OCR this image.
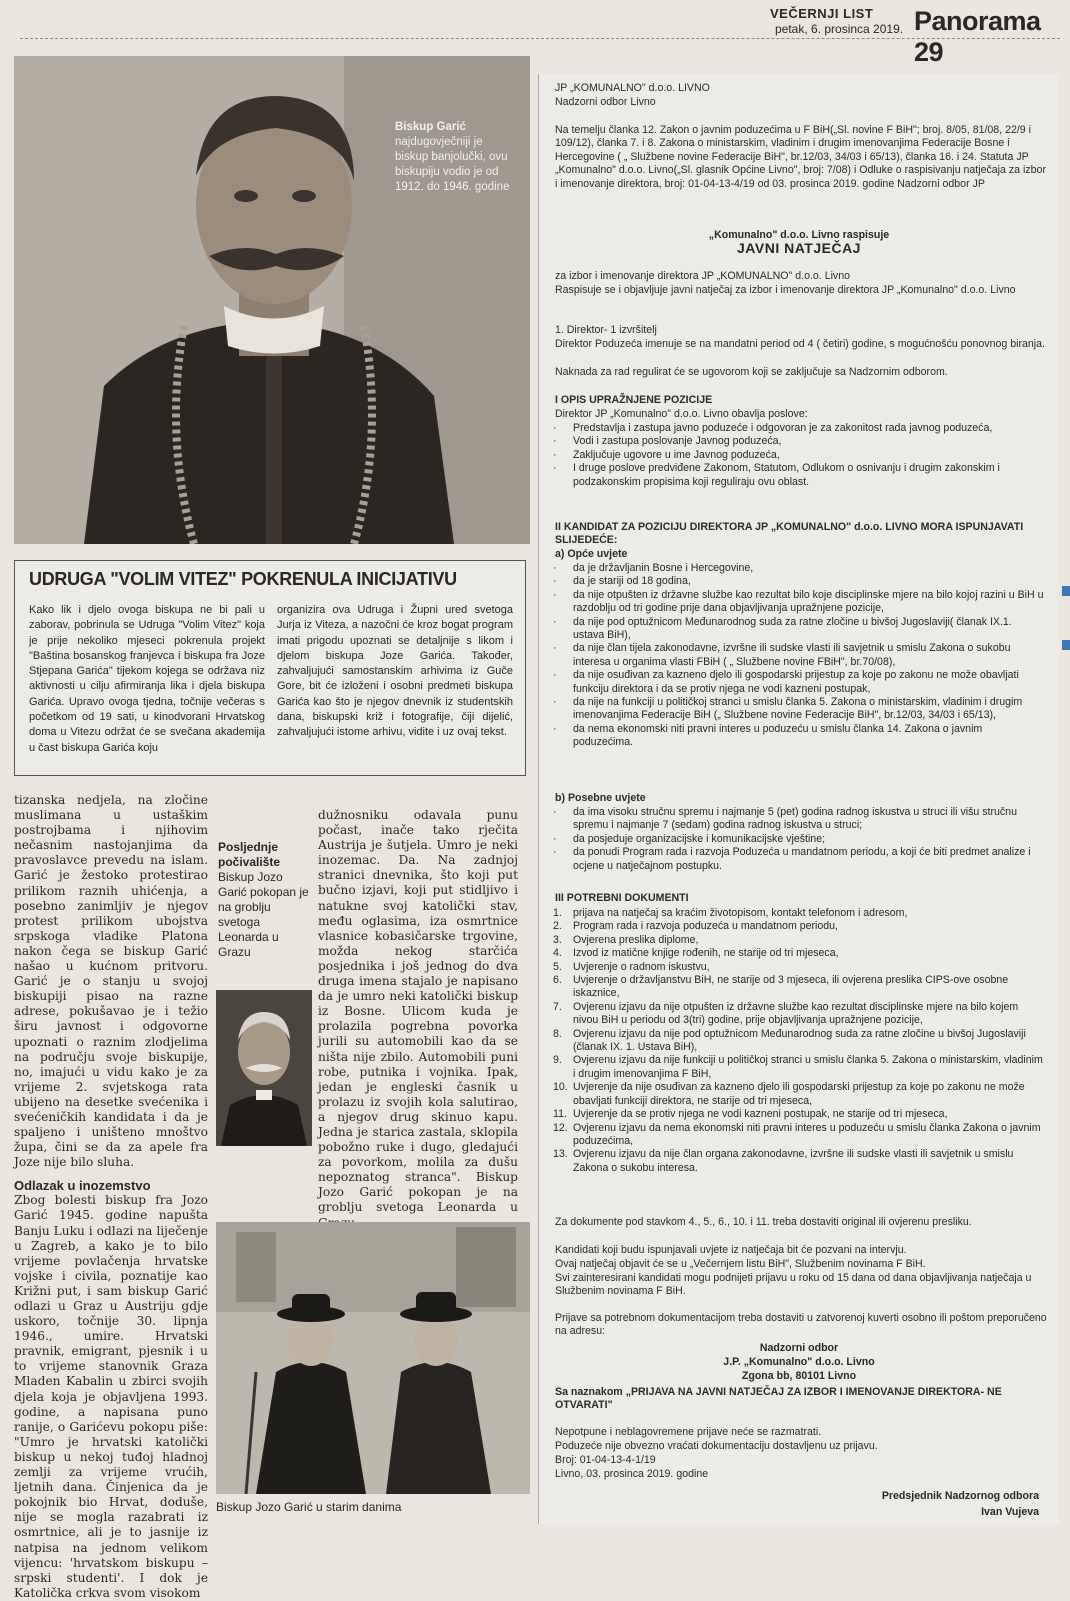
VEČERNJI LIST
petak, 6. prosinca 2019. Panorama 29
Biskup Garić
najdugovječniji je biskup banjolučki, ovu biskupiju vodio je od 1912. do 1946. godine
UDRUGA "VOLIM VITEZ" POKRENULA INICIJATIVU
Kako lik i djelo ovoga biskupa ne bi pali u zaborav, pobrinula se Udruga "Volim Vitez" koja je prije nekoliko mjeseci pokrenula projekt "Baština bosanskog franjevca i biskupa fra Joze Stjepana Garića" tijekom kojega se održava niz aktivnosti u cilju afirmiranja lika i djela biskupa Garića. Upravo ovoga tjedna, točnije večeras s početkom od 19 sati, u kinodvorani Hrvatskog doma u Vitezu održat će se svečana akademija u čast biskupa Garića koju
organizira ova Udruga i Župni ured svetoga Jurja iz Viteza, a nazočni će kroz bogat program imati prigodu upoznati se detaljnije s likom i djelom biskupa Joze Garića. Također, zahvaljujući samostanskim arhivima iz Guče Gore, bit će izloženi i osobni predmeti biskupa Garića kao što je njegov dnevnik iz studentskih dana, biskupski križ i fotografije, čiji dijelić, zahvaljujući istome arhivu, vidite i uz ovaj tekst.
tizanska nedjela, na zločine muslimana u ustaškim postrojbama i njihovim nečasnim nastojanjima da pravoslavce prevedu na islam. Garić je žestoko protestirao prilikom raznih uhićenja, a posebno zanimljiv je njegov protest prilikom ubojstva srpskoga vladike Platona nakon čega se biskup Garić našao u kućnom pritvoru. Garić je o stanju u svojoj biskupiji pisao na razne adrese, pokušavao je i težio širu javnost i odgovorne upoznati o raznim zlodjelima na području svoje biskupije, no, imajući u vidu kako je za vrijeme 2. svjetskoga rata ubijeno na desetke svećenika i svećeničkih kandidata i da je spaljeno i uništeno mnoštvo župa, čini se da za apele fra Joze nije bilo sluha.
Odlazak u inozemstvo
Zbog bolesti biskup fra Jozo Garić 1945. godine napušta Banju Luku i odlazi na liječenje u Zagreb, a kako je to bilo vrijeme povlačenja hrvatske vojske i civila, poznatije kao Križni put, i sam biskup Garić odlazi u Graz u Austriju gdje uskoro, točnije 30. lipnja 1946., umire. Hrvatski pravnik, emigrant, pjesnik i u to vrijeme stanovnik Graza Mladen Kabalin u zbirci svojih djela koja je objavljena 1993. godine, a napisana puno ranije, o Garićevu pokopu piše: "Umro je hrvatski katolički biskup u nekoj tuđoj hladnoj zemlji za vrijeme vrućih, ljetnih dana. Činjenica da je pokojnik bio Hrvat, doduše, nije se mogla razabrati iz osmrtnice, ali je to jasnije iz natpisa na jednom velikom vijencu: 'hrvatskom biskupu – srpski studenti'. I dok je Katolička crkva svom visokom
Posljednje počivalište
Biskup Jozo Garić pokopan je na groblju svetoga Leonarda u Grazu
dužnosniku odavala punu počast, inače tako rječita Austrija je šutjela. Umro je neki inozemac. Da. Na zadnjoj stranici dnevnika, što koji put bučno izjavi, koji put stidljivo i natukne svoj katolički stav, među oglasima, iza osmrtnice vlasnice kobasičarske trgovine, možda nekog starčića posjednika i još jednog do dva druga imena stajalo je napisano da je umro neki katolički biskup iz Bosne. Ulicom kuda je prolazila pogrebna povorka jurili su automobili kao da se ništa nije zbilo. Automobili puni robe, putnika i vojnika. Ipak, jedan je engleski časnik u prolazu iz svojih kola salutirao, a njegov drug skinuo kapu. Jedna je starica zastala, sklopila pobožno ruke i dugo, gledajući za povorkom, molila za dušu nepoznatog stranca". Biskup Jozo Garić pokopan je na groblju svetoga Leonarda u
Biskup Jozo Garić u starim danima
JP „KOMUNALNO" d.o.o. LIVNO
Nadzorni odbor Livno
Na temelju članka 12. Zakon o javnim poduzećima u F BiH(„Sl. novine F BiH"; broj. 8/05, 81/08, 22/9 i 109/12), članka 7. i 8. Zakona o ministarskim, vladinim i drugim imenovanjima Federacije Bosne i Hercegovine ( „ Službene novine Federacije BiH", br.12/03, 34/03 i 65/13), članka 16. i 24. Statuta JP „Komunalno" d.o.o. Livno(„Sl. glasnik Općine Livno", broj: 7/08) i Odluke o raspisivanju natječaja za izbor i imenovanje direktora, broj: 01-04-13-4/19 od 03. prosinca 2019. godine Nadzorni odbor JP
„Komunalno" d.o.o. Livno raspisuje
JAVNI NATJEČAJ
za izbor i imenovanje direktora JP „KOMUNALNO" d.o.o. Livno
Raspisuje se i objavljuje javni natječaj za izbor i imenovanje direktora JP „Komunalno" d.o.o. Livno
1. Direktor- 1 izvršitelj
Direktor Poduzeća imenuje se na mandatni period od 4 ( četiri) godine, s mogućnošću ponovnog biranja.
Naknada za rad regulirat će se ugovorom koji se zaključuje sa Nadzornim odborom.
I OPIS UPRAŽNJENE POZICIJE
Direktor JP „Komunalno" d.o.o. Livno obavlja poslove:
· Predstavlja i zastupa javno poduzeće i odgovoran je za zakonitost rada javnog poduzeća,
· Vodi i zastupa poslovanje Javnog poduzeća,
· Zaključuje ugovore u ime Javnog poduzeća,
· I druge poslove predviđene Zakonom, Statutom, Odlukom o osnivanju i drugim zakonskim i podzakonskim propisima koji reguliraju ovu oblast.
II KANDIDAT ZA POZICIJU DIREKTORA JP „KOMUNALNO" d.o.o. LIVNO MORA ISPUNJAVATI SLIJEDEĆE:
a) Opće uvjete
· da je državljanin Bosne i Hercegovine,
· da je stariji od 18 godina,
· da nije otpušten iz državne službe kao rezultat bilo koje disciplinske mjere na bilo kojoj razini u BiH u razdoblju od tri godine prije dana objavljivanja upražnjene pozicije,
· da nije pod optužnicom Međunarodnog suda za ratne zločine u bivšoj Jugoslaviji( članak IX.1. ustava BiH),
· da nije član tijela zakonodavne, izvršne ili sudske vlasti ili savjetnik u smislu Zakona o sukobu interesa u organima vlasti FBiH ( „ Službene novine FBiH", br.70/08),
· da nije osuđivan za kazneno djelo ili gospodarski prijestup za koje po zakonu ne može obavljati funkciju direktora i da se protiv njega ne vodi kazneni postupak,
· da nije na funkciji u političkoj stranci u smislu članka 5. Zakona o ministarskim, vladinim i drugim imenovanjima Federacije BiH („ Službene novine Federacije BiH", br.12/03, 34/03 i 65/13),
· da nema ekonomski niti pravni interes u poduzeću u smislu članka 14. Zakona o javnim poduzećima.
b) Posebne uvjete
· da ima visoku stručnu spremu i najmanje 5 (pet) godina radnog iskustva u struci ili višu stručnu spremu i najmanje 7 (sedam) godina radnog iskustva u struci;
· da posjeduje organizacijske i komunikacijske vještine;
· da ponudi Program rada i razvoja Poduzeća u mandatnom periodu, a koji će biti predmet analize i ocjene u natječajnom postupku.
III POTREBNI DOKUMENTI
1. prijava na natječaj sa kraćim životopisom, kontakt telefonom i adresom,
2. Program rada i razvoja poduzeća u mandatnom periodu,
3. Ovjerena preslika diplome,
4. Izvod iz matične knjige rođenih, ne starije od tri mjeseca,
5. Uvjerenje o radnom iskustvu,
6. Uvjerenje o državljanstvu BiH, ne starije od 3 mjeseca, ili ovjerena preslika CIPS-ove osobne iskaznice,
7. Ovjerenu izjavu da nije otpušten iz državne službe kao rezultat disciplinske mjere na bilo kojem nivou BiH u periodu od 3(tri) godine, prije objavljivanja upražnjene pozicije,
8. Ovjerenu izjavu da nije pod optužnicom Međunarodnog suda za ratne zločine u bivšoj Jugoslaviji (članak IX. 1. Ustava BiH),
9. Ovjerenu izjavu da nije funkciji u političkoj stranci u smislu članka 5. Zakona o ministarskim, vladinim i drugim imenovanjima F BiH,
10. Uvjerenje da nije osuđivan za kazneno djelo ili gospodarski prijestup za koje po zakonu ne može obavljati funkciji direktora, ne starije od tri mjeseca,
11. Uvjerenje da se protiv njega ne vodi kazneni postupak, ne starije od tri mjeseca,
12. Ovjerenu izjavu da nema ekonomski niti pravni interes u poduzeću u smislu članka Zakona o javnim poduzećima,
13. Ovjerenu izjavu da nije član organa zakonodavne, izvršne ili sudske vlasti ili savjetnik u smislu Zakona o sukobu interesa.
Za dokumente pod stavkom 4., 5., 6., 10. i 11. treba dostaviti original ili ovjerenu presliku.
Kandidati koji budu ispunjavali uvjete iz natječaja bit će pozvani na intervju.
Ovaj natječaj objavit će se u „Večernjem listu BiH", Službenim novinama F BiH.
Svi zainteresirani kandidati mogu podnijeti prijavu u roku od 15 dana od dana objavljivanja natječaja u Službenim novinama F BiH.
Prijave sa potrebnom dokumentacijom treba dostaviti u zatvorenoj kuverti osobno ili poštom preporučeno na adresu:
Nadzorni odbor
J.P. „Komunalno" d.o.o. Livno
Zgona bb, 80101 Livno
Sa naznakom „PRIJAVA NA JAVNI NATJEČAJ ZA IZBOR I IMENOVANJE DIREKTORA- NE OTVARATI"
Nepotpune i neblagovremene prijave neće se razmatrati.
Poduzeće nije obvezno vraćati dokumentaciju dostavljenu uz prijavu.
Broj: 01-04-13-4-1/19
Livno, 03. prosinca 2019. godine
Predsjednik Nadzornog odbora
Ivan Vujeva
